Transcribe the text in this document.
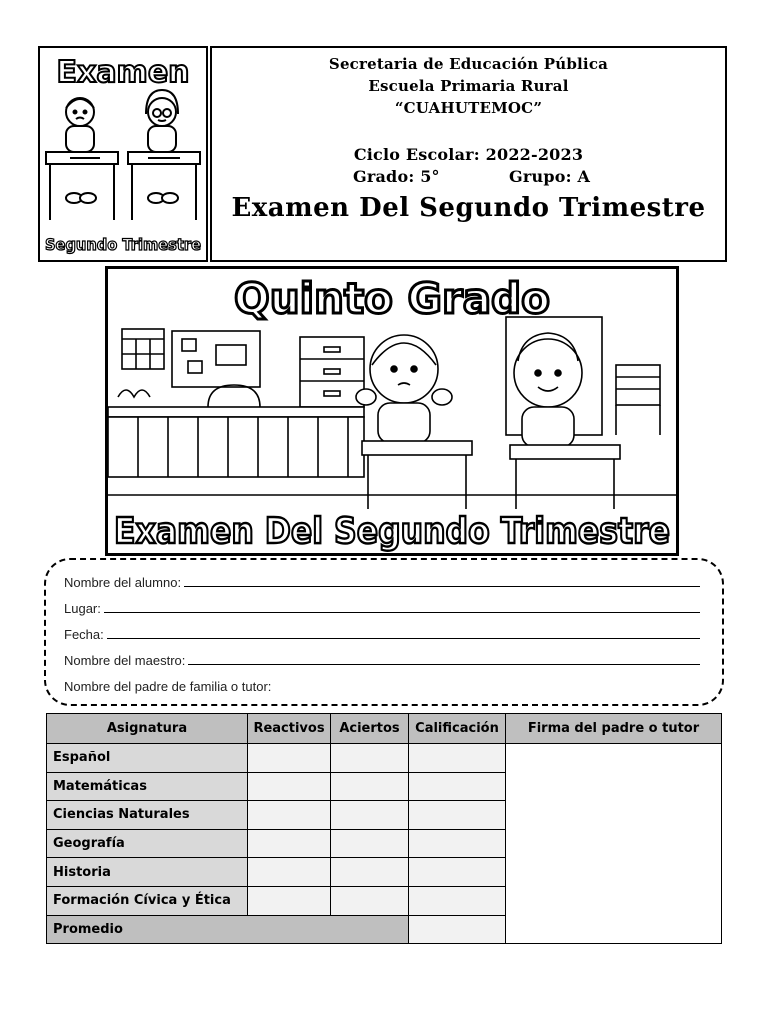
Examen
Segundo Trimestre
Secretaria de Educación Pública
Escuela Primaria Rural
“CUAHUTEMOC”
Ciclo Escolar: 2022-2023
Grado: 5°	Grupo: A
Examen Del Segundo Trimestre
Quinto Grado
Examen Del Segundo Trimestre
Nombre del alumno:
Lugar:
Fecha:
Nombre del maestro:
Nombre del padre de familia o tutor:
Asignatura	Reactivos	Aciertos	Calificación	Firma del padre o tutor
Español				
Matemáticas				
Ciencias Naturales				
Geografía				
Historia				
Formación Cívica y Ética				
Promedio				
